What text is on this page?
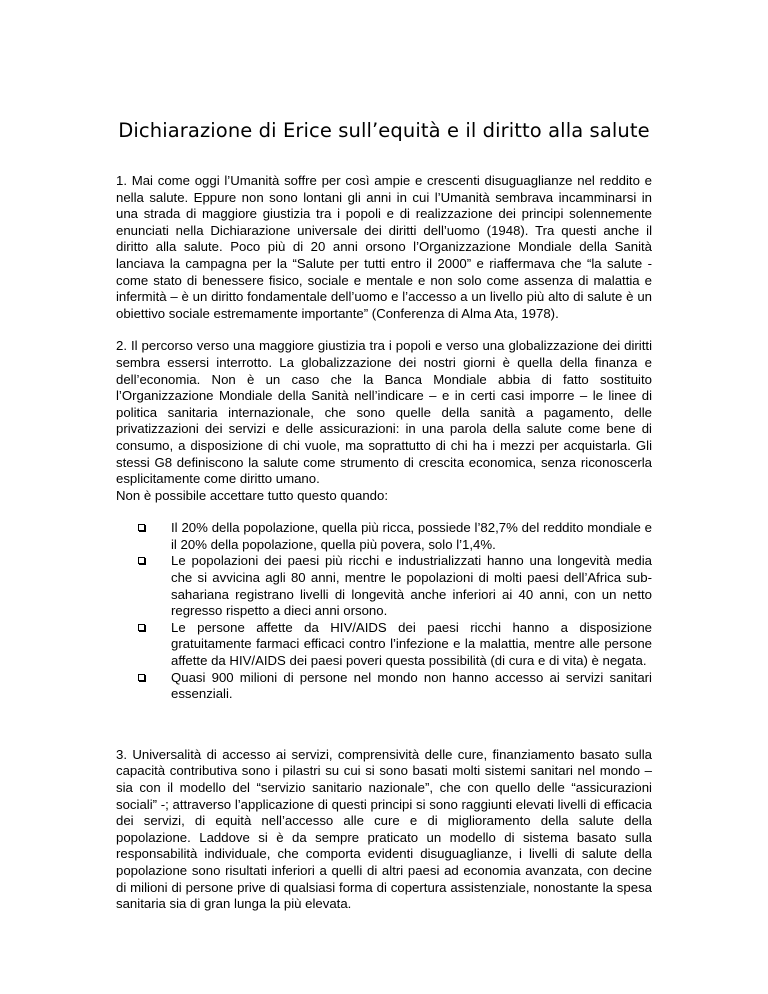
Dichiarazione di Erice sull’equità e il diritto alla salute

1. Mai come oggi l’Umanità soffre per così ampie e crescenti disuguaglianze nel reddito e nella salute. Eppure non sono lontani gli anni in cui l’Umanità sembrava incamminarsi in una strada di maggiore giustizia tra i popoli e di realizzazione dei principi solennemente enunciati nella Dichiarazione universale dei diritti dell’uomo (1948). Tra questi anche il diritto alla salute. Poco più di 20 anni orsono l’Organizzazione Mondiale della Sanità lanciava la campagna per la “Salute per tutti entro il 2000” e riaffermava che “la salute - come stato di benessere fisico, sociale e mentale e non solo come assenza di malattia e infermità – è un diritto fondamentale dell’uomo e l’accesso a un livello più alto di salute è un obiettivo sociale estremamente importante” (Conferenza di Alma Ata, 1978).

2. Il percorso verso una maggiore giustizia tra i popoli e verso una globalizzazione dei diritti sembra essersi interrotto. La globalizzazione dei nostri giorni è quella della finanza e dell’economia. Non è un caso che la Banca Mondiale abbia di fatto sostituito l’Organizzazione Mondiale della Sanità nell’indicare – e in certi casi imporre – le linee di politica sanitaria internazionale, che sono quelle della sanità a pagamento, delle privatizzazioni dei servizi e delle assicurazioni: in una parola della salute come bene di consumo, a disposizione di chi vuole, ma soprattutto di chi ha i mezzi per acquistarla. Gli stessi G8 definiscono la salute come strumento di crescita economica, senza riconoscerla esplicitamente come diritto umano.

Non è possibile accettare tutto questo quando:

Il 20% della popolazione, quella più ricca, possiede l’82,7% del reddito mondiale e il 20% della popolazione, quella più povera, solo l’1,4%.
Le popolazioni dei paesi più ricchi e industrializzati hanno una longevità media che si avvicina agli 80 anni, mentre le popolazioni di molti paesi dell’Africa sub-sahariana registrano livelli di longevità anche inferiori ai 40 anni, con un netto regresso rispetto a dieci anni orsono.
Le persone affette da HIV/AIDS dei paesi ricchi hanno a disposizione gratuitamente farmaci efficaci contro l’infezione e la malattia, mentre alle persone affette da HIV/AIDS dei paesi poveri questa possibilità (di cura e di vita) è negata.
Quasi 900 milioni di persone nel mondo non hanno accesso ai servizi sanitari essenziali.

3. Universalità di accesso ai servizi, comprensività delle cure, finanziamento basato sulla capacità contributiva sono i pilastri su cui si sono basati molti sistemi sanitari nel mondo – sia con il modello del “servizio sanitario nazionale”, che con quello delle “assicurazioni sociali” -; attraverso l’applicazione di questi principi si sono raggiunti elevati livelli di efficacia dei servizi, di equità nell’accesso alle cure e di miglioramento della salute della popolazione. Laddove si è da sempre praticato un modello di sistema basato sulla responsabilità individuale, che comporta evidenti disuguaglianze, i livelli di salute della popolazione sono risultati inferiori a quelli di altri paesi ad economia avanzata, con decine di milioni di persone prive di qualsiasi forma di copertura assistenziale, nonostante la spesa sanitaria sia di gran lunga la più elevata.
